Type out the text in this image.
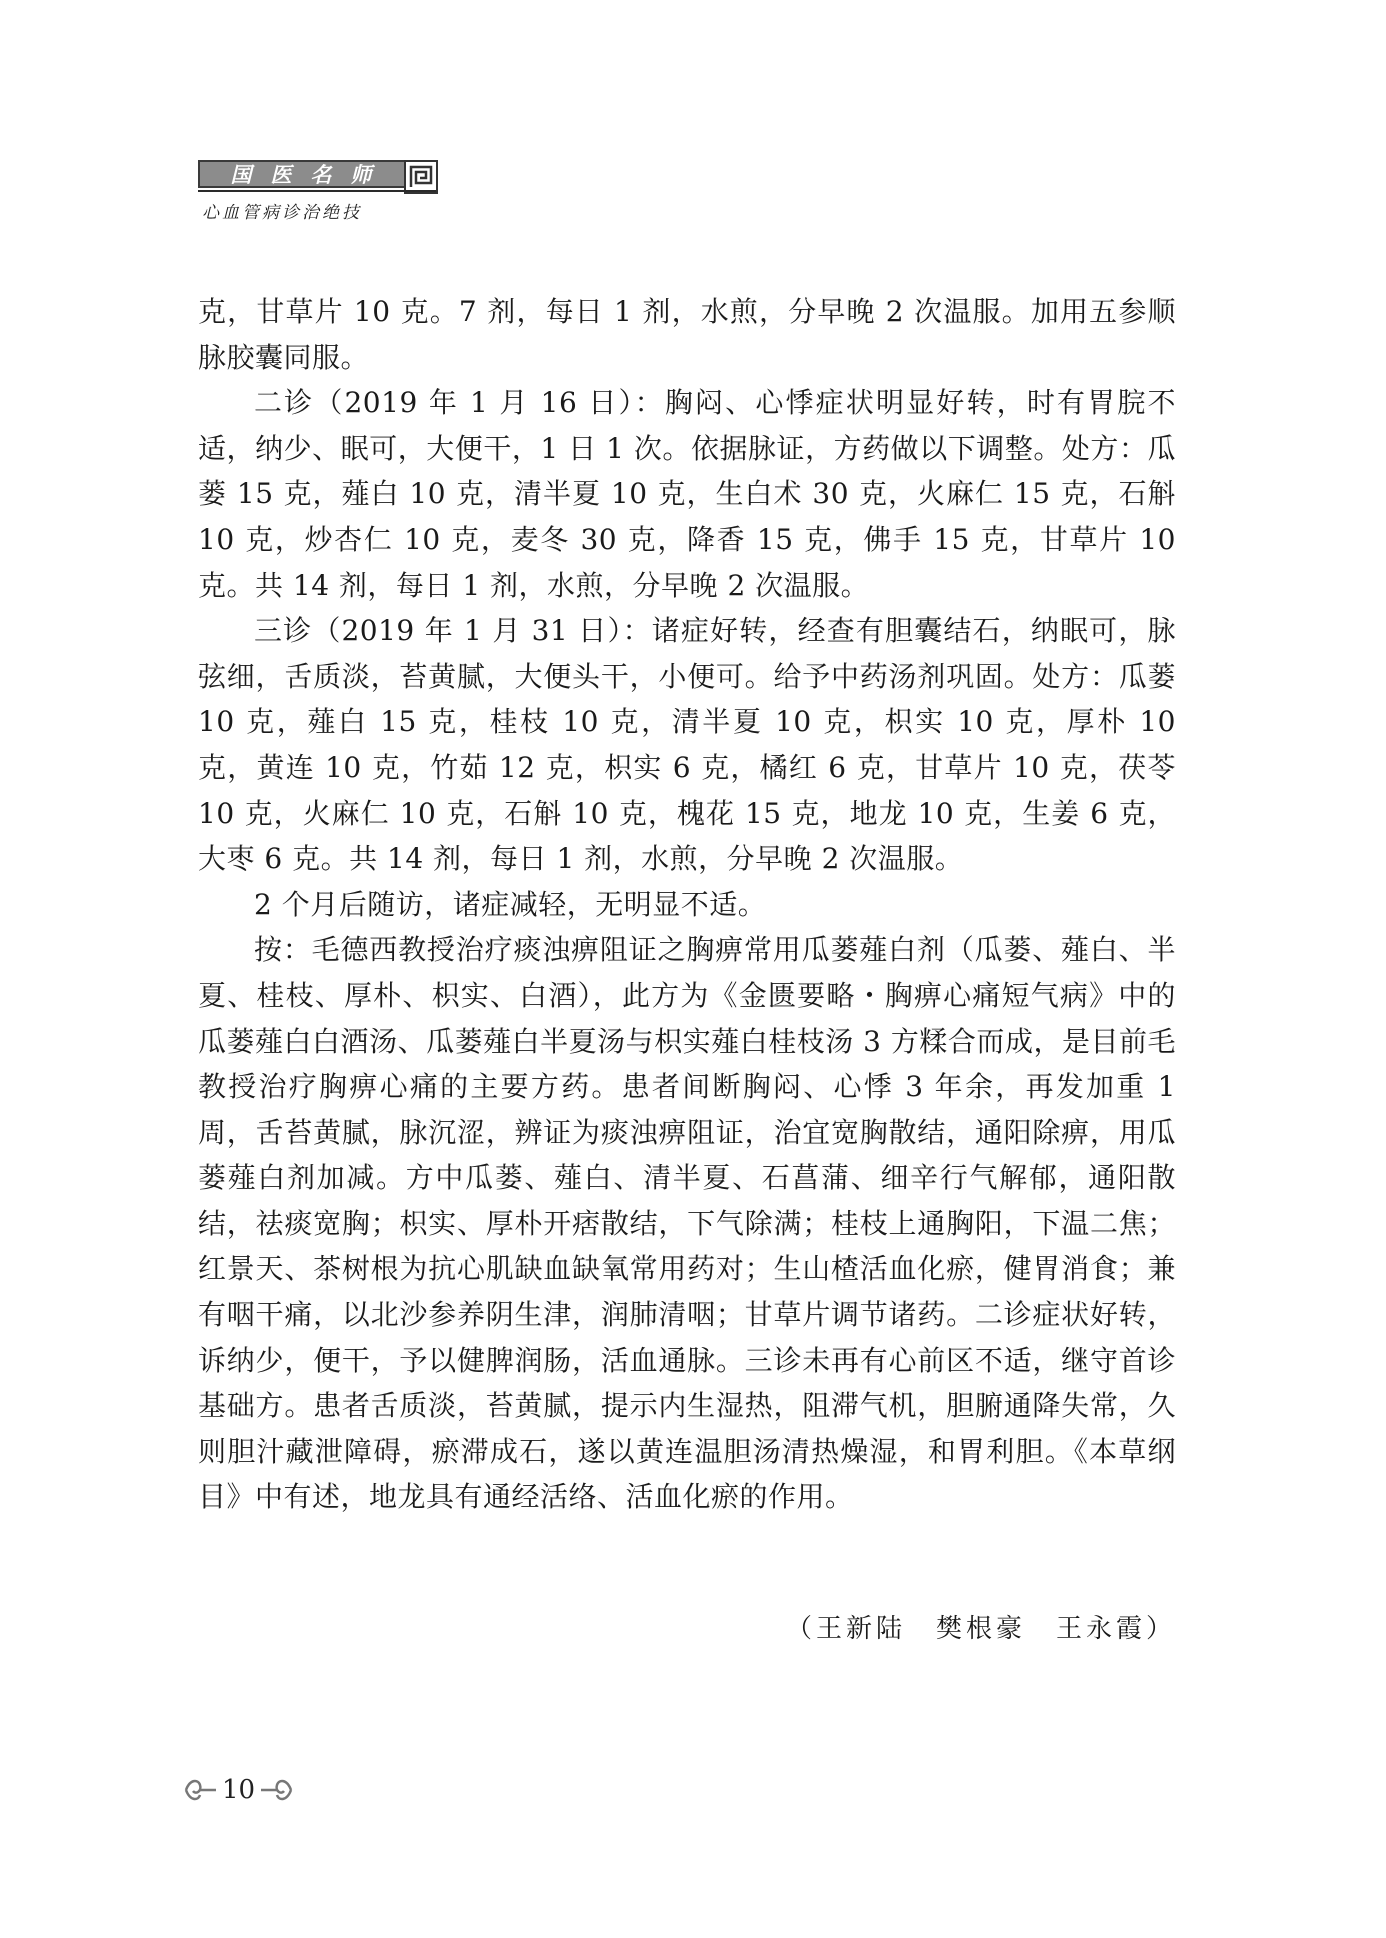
国 医 名 师
心血管病诊治绝技

克，甘草片 10 克。7 剂，每日 1 剂，水煎，分早晚 2 次温服。加用五参顺脉胶囊同服。

二诊（2019 年 1 月 16 日）：胸闷、心悸症状明显好转，时有胃脘不适，纳少、眠可，大便干，1 日 1 次。依据脉证，方药做以下调整。处方：瓜蒌 15 克，薤白 10 克，清半夏 10 克，生白术 30 克，火麻仁 15 克，石斛 10 克，炒杏仁 10 克，麦冬 30 克，降香 15 克，佛手 15 克，甘草片 10 克。共 14 剂，每日 1 剂，水煎，分早晚 2 次温服。

三诊（2019 年 1 月 31 日）：诸症好转，经查有胆囊结石，纳眠可，脉弦细，舌质淡，苔黄腻，大便头干，小便可。给予中药汤剂巩固。处方：瓜蒌 10 克，薤白 15 克，桂枝 10 克，清半夏 10 克，枳实 10 克，厚朴 10 克，黄连 10 克，竹茹 12 克，枳实 6 克，橘红 6 克，甘草片 10 克，茯苓 10 克，火麻仁 10 克，石斛 10 克，槐花 15 克，地龙 10 克，生姜 6 克，大枣 6 克。共 14 剂，每日 1 剂，水煎，分早晚 2 次温服。

2 个月后随访，诸症减轻，无明显不适。

按：毛德西教授治疗痰浊痹阻证之胸痹常用瓜蒌薤白剂（瓜蒌、薤白、半夏、桂枝、厚朴、枳实、白酒），此方为《金匮要略・胸痹心痛短气病》中的瓜蒌薤白白酒汤、瓜蒌薤白半夏汤与枳实薤白桂枝汤 3 方糅合而成，是目前毛教授治疗胸痹心痛的主要方药。患者间断胸闷、心悸 3 年余，再发加重 1 周，舌苔黄腻，脉沉涩，辨证为痰浊痹阻证，治宜宽胸散结，通阳除痹，用瓜蒌薤白剂加减。方中瓜蒌、薤白、清半夏、石菖蒲、细辛行气解郁，通阳散结，祛痰宽胸；枳实、厚朴开痞散结，下气除满；桂枝上通胸阳，下温二焦；红景天、茶树根为抗心肌缺血缺氧常用药对；生山楂活血化瘀，健胃消食；兼有咽干痛，以北沙参养阴生津，润肺清咽；甘草片调节诸药。二诊症状好转，诉纳少，便干，予以健脾润肠，活血通脉。三诊未再有心前区不适，继守首诊基础方。患者舌质淡，苔黄腻，提示内生湿热，阻滞气机，胆腑通降失常，久则胆汁藏泄障碍，瘀滞成石，遂以黄连温胆汤清热燥湿，和胃利胆。《本草纲目》中有述，地龙具有通经活络、活血化瘀的作用。

（王新陆　樊根豪　王永霞）
10
